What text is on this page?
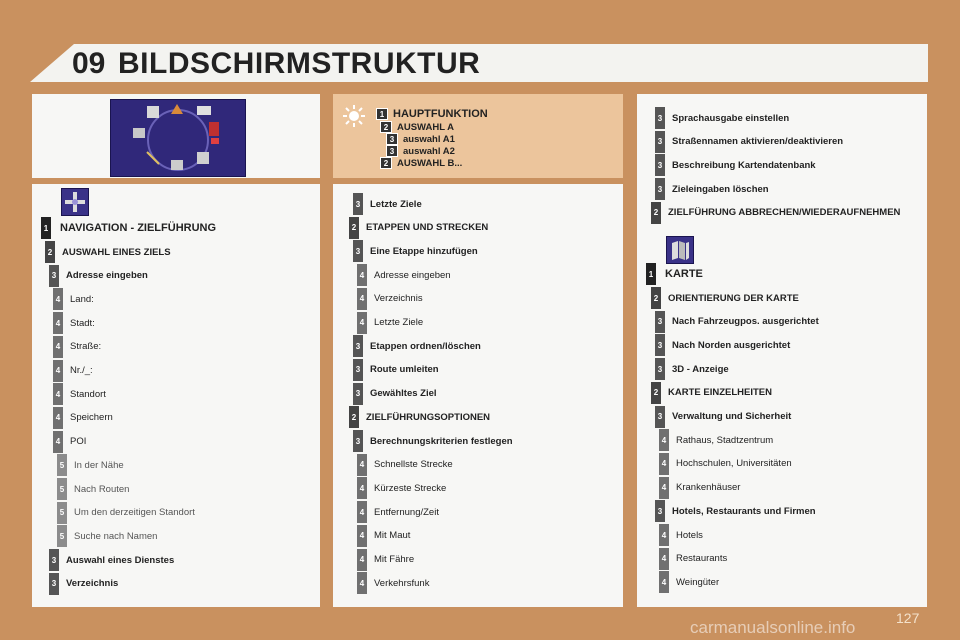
09 BILDSCHIRMSTRUKTUR
1 HAUPTFUNKTION
2 AUSWAHL A
3 auswahl A1
3 auswahl A2
2 AUSWAHL B...
1 NAVIGATION - ZIELFÜHRUNG
2 AUSWAHL EINES ZIELS
3 Adresse eingeben
4 Land:
4 Stadt:
4 Straße:
4 Nr./_:
4 Standort
4 Speichern
4 POI
5 In der Nähe
5 Nach Routen
5 Um den derzeitigen Standort
5 Suche nach Namen
3 Auswahl eines Dienstes
3 Verzeichnis
3 Letzte Ziele
2 ETAPPEN UND STRECKEN
3 Eine Etappe hinzufügen
4 Adresse eingeben
4 Verzeichnis
4 Letzte Ziele
3 Etappen ordnen/löschen
3 Route umleiten
3 Gewähltes Ziel
2 ZIELFÜHRUNGSOPTIONEN
3 Berechnungskriterien festlegen
4 Schnellste Strecke
4 Kürzeste Strecke
4 Entfernung/Zeit
4 Mit Maut
4 Mit Fähre
4 Verkehrsfunk
3 Sprachausgabe einstellen
3 Straßennamen aktivieren/deaktivieren
3 Beschreibung Kartendatenbank
3 Zieleingaben löschen
2 ZIELFÜHRUNG ABBRECHEN/WIEDERAUFNEHMEN
1 KARTE
2 ORIENTIERUNG DER KARTE
3 Nach Fahrzeugpos. ausgerichtet
3 Nach Norden ausgerichtet
3 3D - Anzeige
2 KARTE EINZELHEITEN
3 Verwaltung und Sicherheit
4 Rathaus, Stadtzentrum
4 Hochschulen, Universitäten
4 Krankenhäuser
3 Hotels, Restaurants und Firmen
4 Hotels
4 Restaurants
4 Weingüter
127
carmanualsonline.info
